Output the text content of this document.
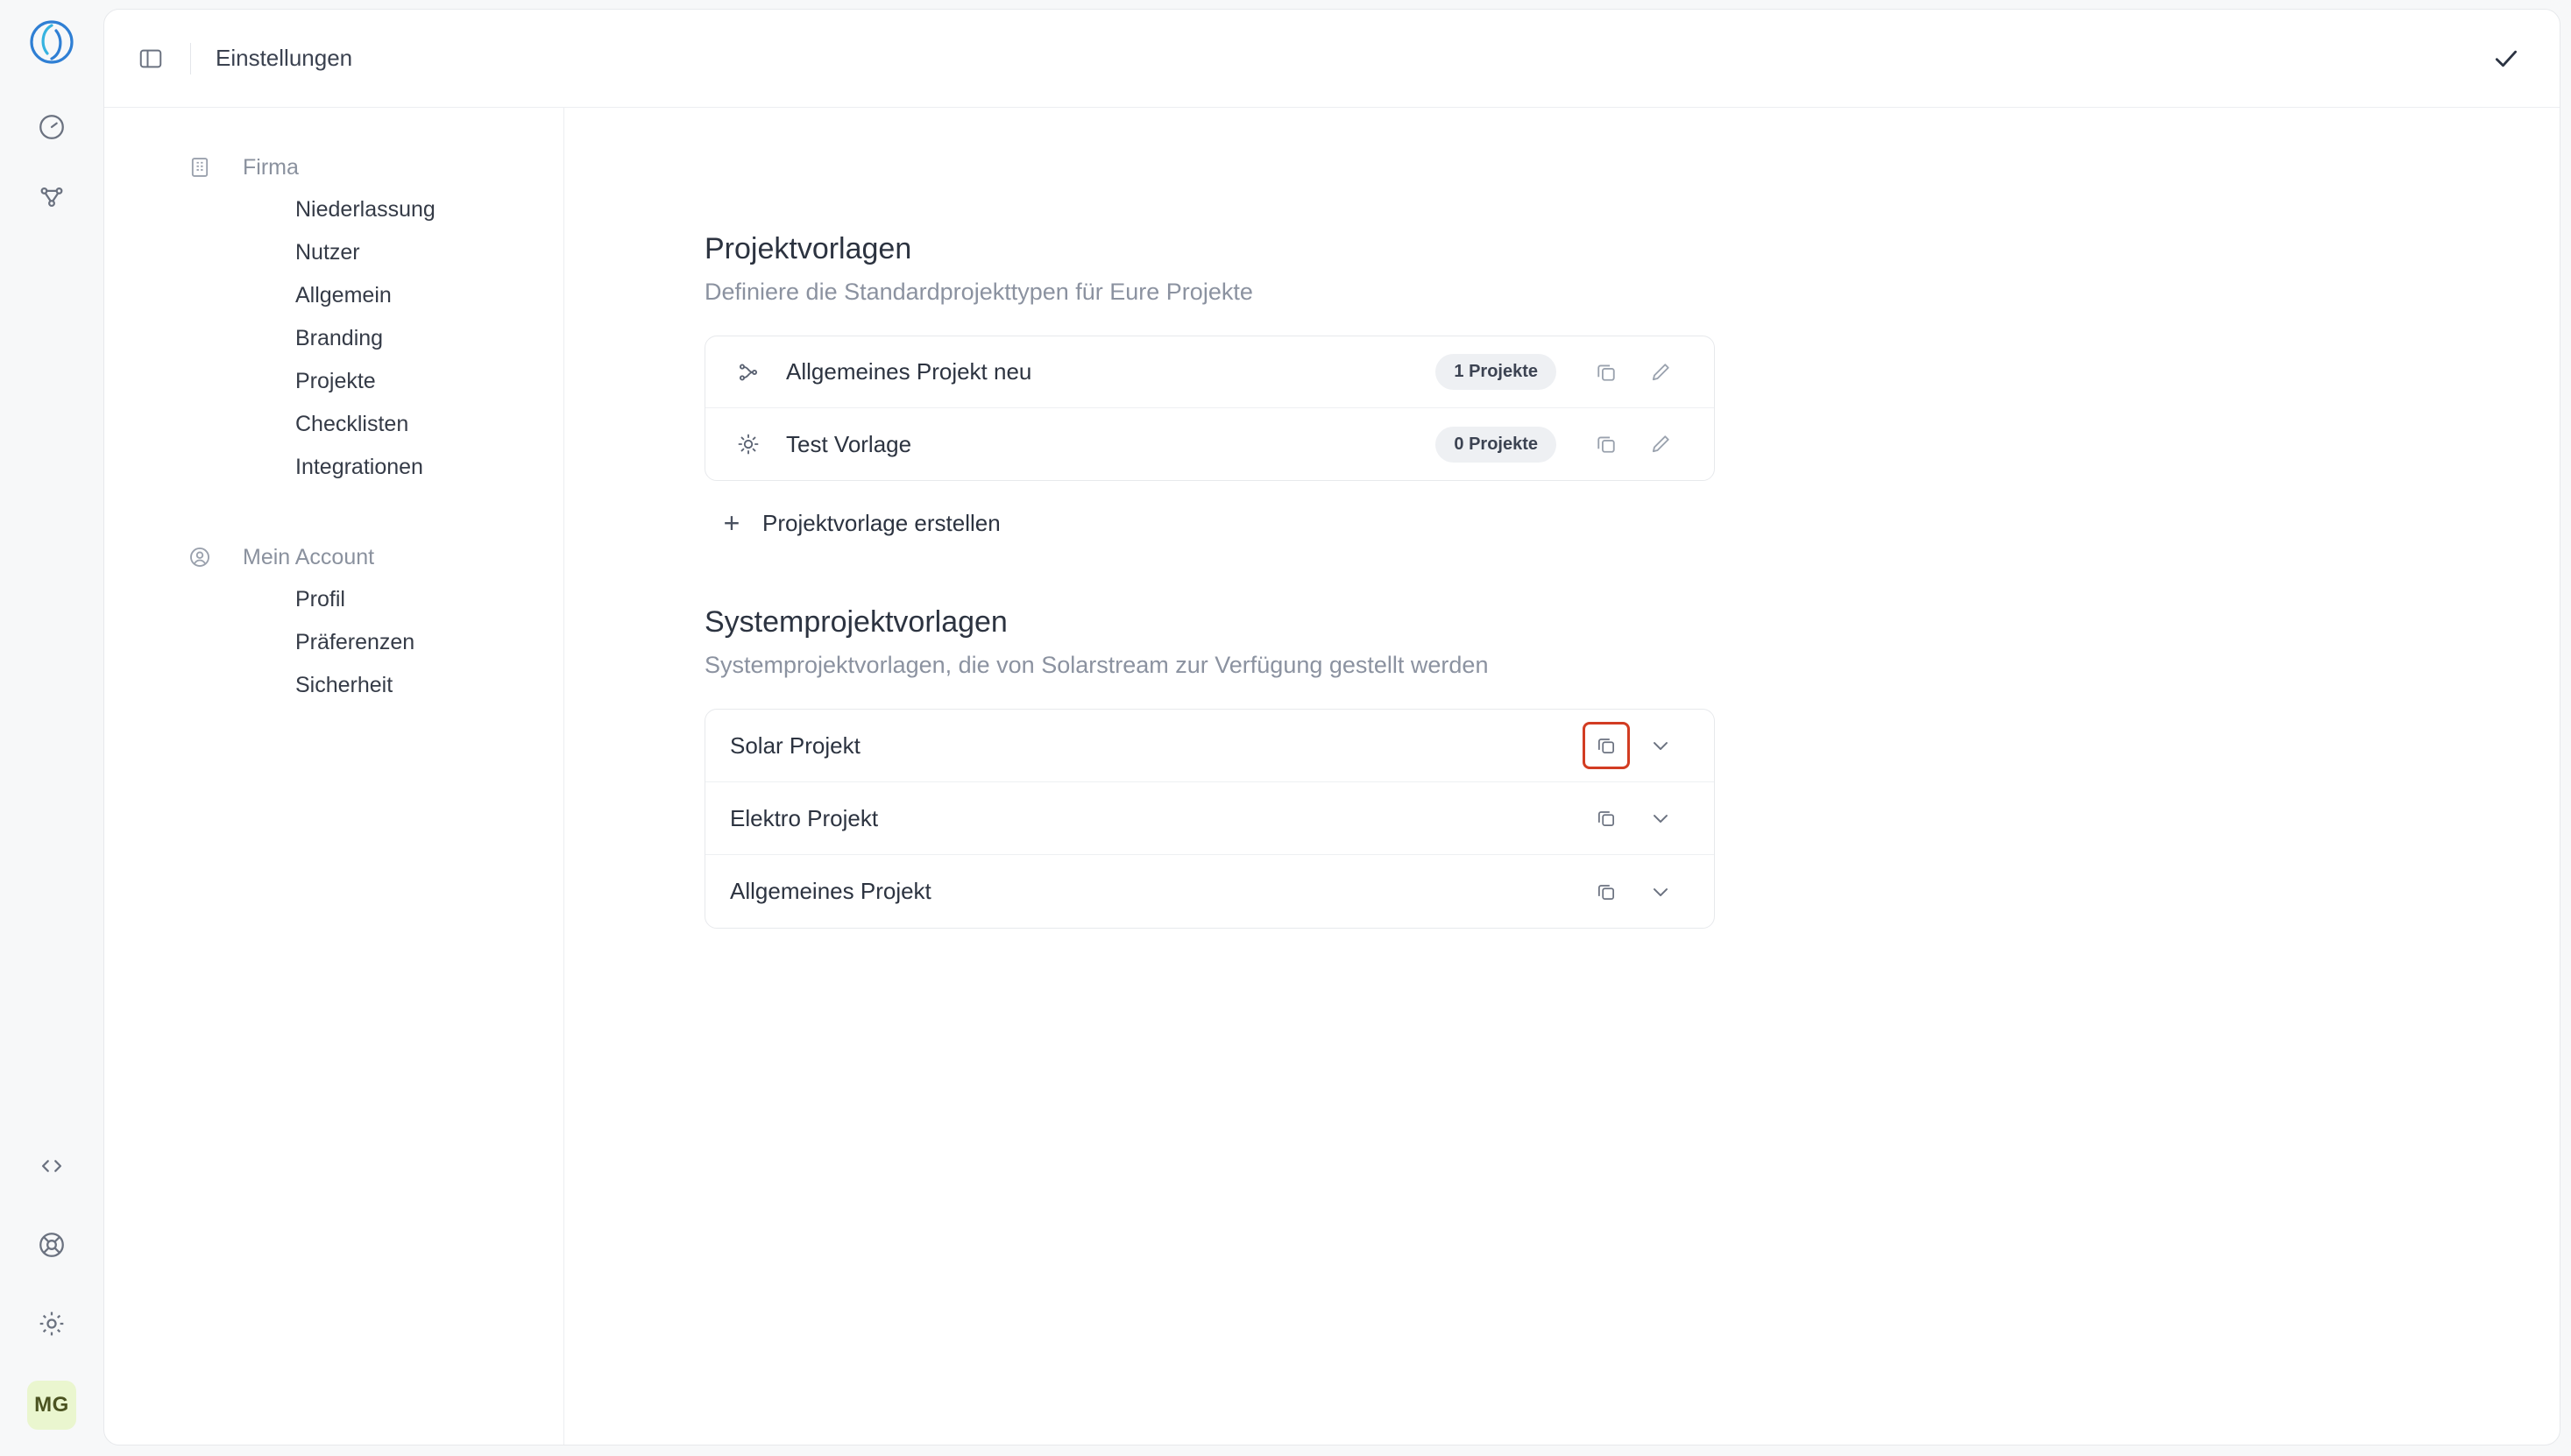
MG
Einstellungen
Firma
Niederlassung
Nutzer
Allgemein
Branding
Projekte
Checklisten
Integrationen
Mein Account
Profil
Präferenzen
Sicherheit
Projektvorlagen
Definiere die Standardprojekttypen für Eure Projekte
Allgemeines Projekt neu	1 Projekte
Test Vorlage	0 Projekte
+ Projektvorlage erstellen
Systemprojektvorlagen
Systemprojektvorlagen, die von Solarstream zur Verfügung gestellt werden
Solar Projekt
Elektro Projekt
Allgemeines Projekt
